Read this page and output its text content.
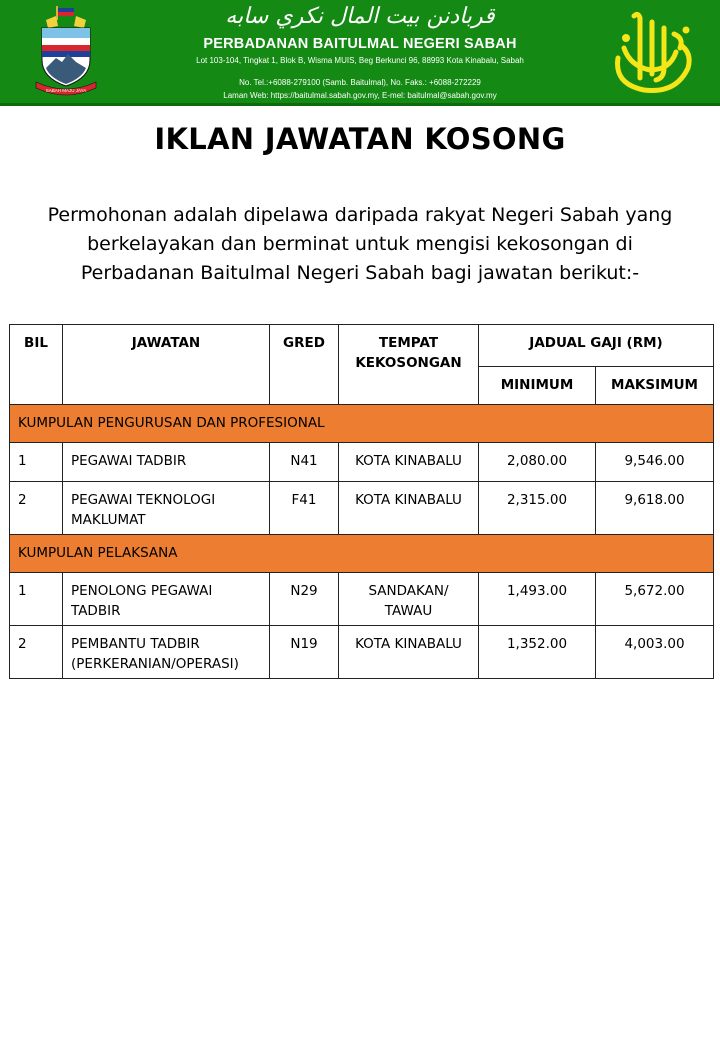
SABAH MAJU JAYA
قربادنن بيت المال نكري سابه
PERBADANAN BAITULMAL NEGERI SABAH
Lot 103-104, Tingkat 1, Blok B, Wisma MUIS, Beg Berkunci 96, 88993 Kota Kinabalu, Sabah
No. Tel.:+6088-279100 (Samb. Baitulmal), No. Faks.: +6088-272229
Laman Web: https://baitulmal.sabah.gov.my, E-mel: baitulmal@sabah.gov.my
IKLAN JAWATAN KOSONG
Permohonan adalah dipelawa daripada rakyat Negeri Sabah yang berkelayakan dan berminat untuk mengisi kekosongan di Perbadanan Baitulmal Negeri Sabah bagi jawatan berikut:-
BIL	JAWATAN	GRED	TEMPAT KEKOSONGAN	JADUAL GAJI (RM)	
				MINIMUM	MAKSIMUM
KUMPULAN PENGURUSAN DAN PROFESIONAL					
1	PEGAWAI TADBIR	N41	KOTA KINABALU	2,080.00	9,546.00
2	PEGAWAI TEKNOLOGI MAKLUMAT	F41	KOTA KINABALU	2,315.00	9,618.00
KUMPULAN PELAKSANA					
1	PENOLONG PEGAWAI TADBIR	N29	SANDAKAN/ TAWAU	1,493.00	5,672.00
2	PEMBANTU TADBIR (PERKERANIAN/OPERASI)	N19	KOTA KINABALU	1,352.00	4,003.00
